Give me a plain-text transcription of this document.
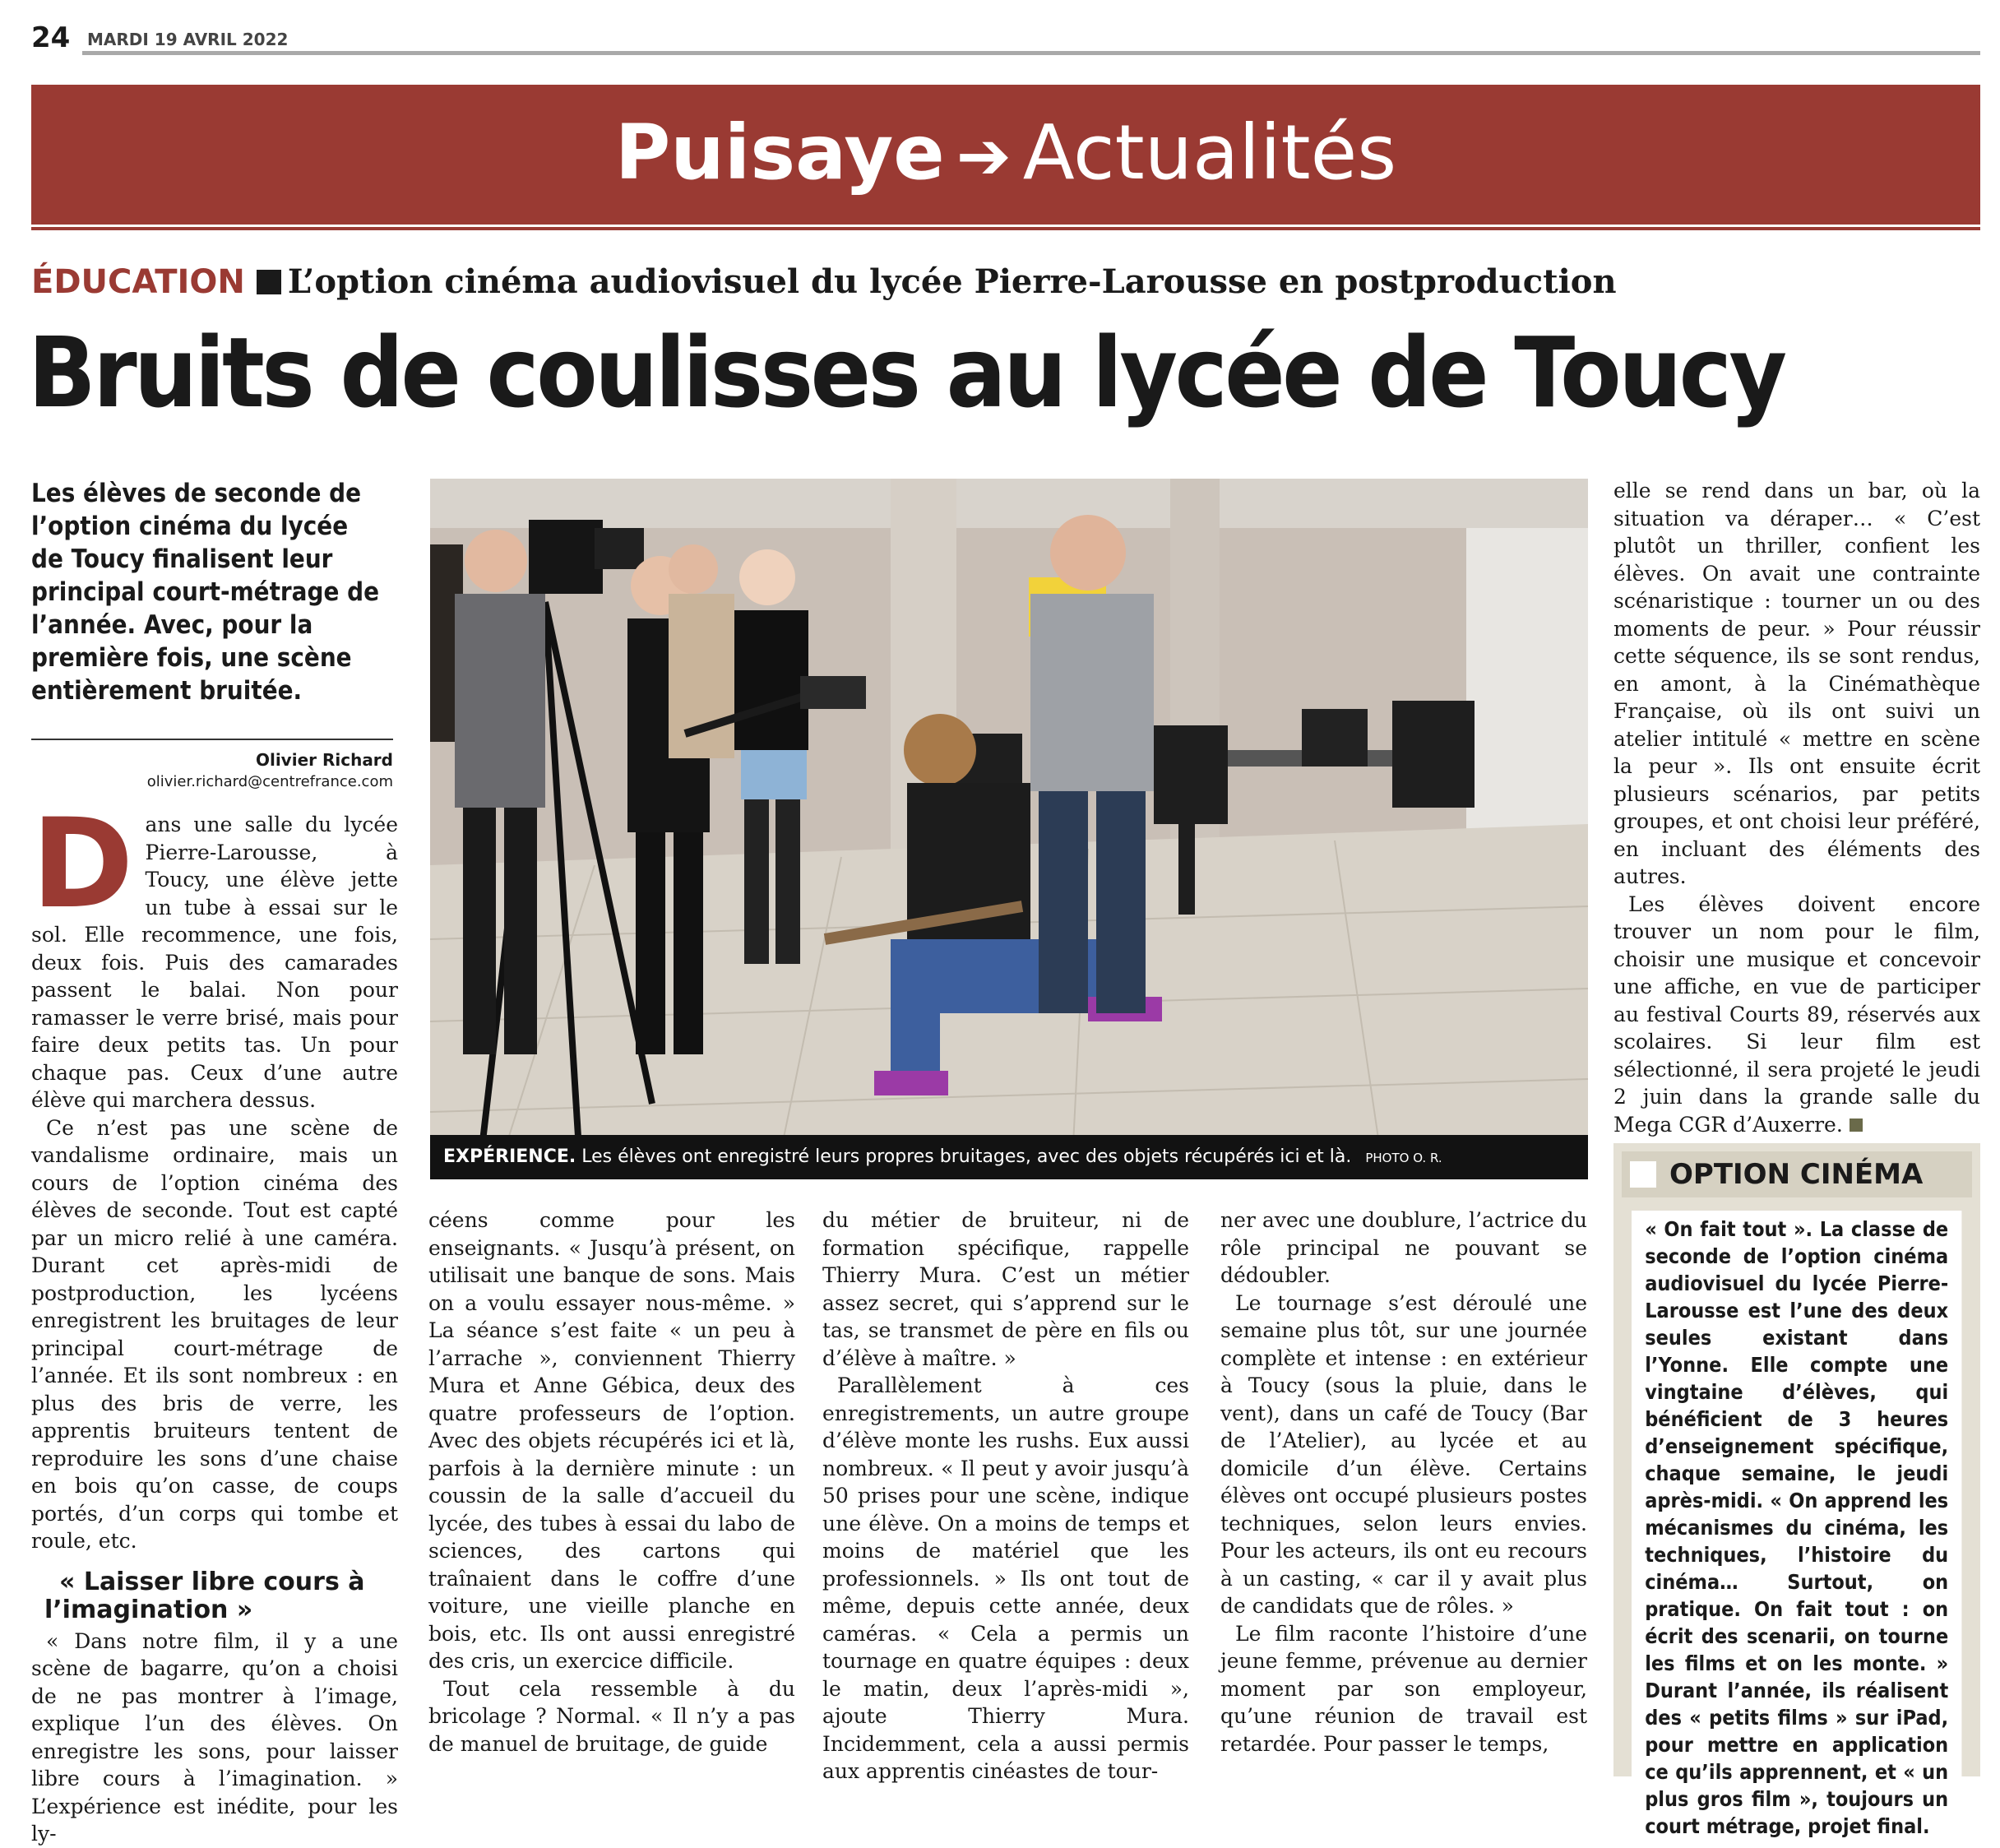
24 MARDI 19 AVRIL 2022
Puisaye ➔ Actualités
ÉDUCATION L’option cinéma audiovisuel du lycée Pierre-Larousse en postproduction
Bruits de coulisses au lycée de Toucy
Les élèves de seconde de l’option cinéma du lycée de Toucy finalisent leur principal court-métrage de l’année. Avec, pour la première fois, une scène entièrement bruitée.
Olivier Richard
olivier.richard@centrefrance.com
EXPÉRIENCE. Les élèves ont enregistré leurs propres bruitages, avec des objets récupérés ici et là. PHOTO O. R.

Dans une salle du lycée Pierre-Larousse, à Toucy, une élève jette un tube à essai sur le sol. Elle recommence, une fois, deux fois. Puis des camarades passent le balai. Non pour ramasser le verre brisé, mais pour faire deux petits tas. Un pour chaque pas. Ceux d’une autre élève qui marchera dessus.

Ce n’est pas une scène de vandalisme ordinaire, mais un cours de l’option cinéma des élèves de seconde. Tout est capté par un micro relié à une caméra. Durant cet après-midi de postproduction, les lycéens enregistrent les bruitages de leur principal court-métrage de l’année. Et ils sont nombreux : en plus des bris de verre, les apprentis bruiteurs tentent de reproduire les sons d’une chaise en bois qu’on casse, de coups portés, d’un corps qui tombe et roule, etc.

« Laisser libre cours à l’imagination »

« Dans notre film, il y a une scène de bagarre, qu’on a choisi de ne pas montrer à l’image, explique l’un des élèves. On enregistre les sons, pour laisser libre cours à l’imagination. » L’expérience est inédite, pour les ly-

céens comme pour les enseignants. « Jusqu’à présent, on utilisait une banque de sons. Mais on a voulu essayer nous-même. » La séance s’est faite « un peu à l’arrache », conviennent Thierry Mura et Anne Gébica, deux des quatre professeurs de l’option. Avec des objets récupérés ici et là, parfois à la dernière minute : un coussin de la salle d’accueil du lycée, des tubes à essai du labo de sciences, des cartons qui traînaient dans le coffre d’une voiture, une vieille planche en bois, etc. Ils ont aussi enregistré des cris, un exercice difficile.

Tout cela ressemble à du bricolage ? Normal. « Il n’y a pas de manuel de bruitage, de guide

du métier de bruiteur, ni de formation spécifique, rappelle Thierry Mura. C’est un métier assez secret, qui s’apprend sur le tas, se transmet de père en fils ou d’élève à maître. »

Parallèlement à ces enregistrements, un autre groupe d’élève monte les rushs. Eux aussi nombreux. « Il peut y avoir jusqu’à 50 prises pour une scène, indique une élève. On a moins de temps et moins de matériel que les professionnels. » Ils ont tout de même, depuis cette année, deux caméras. « Cela a permis un tournage en quatre équipes : deux le matin, deux l’après-midi », ajoute Thierry Mura. Incidemment, cela a aussi permis aux apprentis cinéastes de tour-

ner avec une doublure, l’actrice du rôle principal ne pouvant se dédoubler.

Le tournage s’est déroulé une semaine plus tôt, sur une journée complète et intense : en extérieur à Toucy (sous la pluie, dans le vent), dans un café de Toucy (Bar de l’Atelier), au lycée et au domicile d’un élève. Certains élèves ont occupé plusieurs postes techniques, selon leurs envies. Pour les acteurs, ils ont eu recours à un casting, « car il y avait plus de candidats que de rôles. »

Le film raconte l’histoire d’une jeune femme, prévenue au dernier moment par son employeur, qu’une réunion de travail est retardée. Pour passer le temps,

elle se rend dans un bar, où la situation va déraper… « C’est plutôt un thriller, confient les élèves. On avait une contrainte scénaristique : tourner un ou des moments de peur. » Pour réussir cette séquence, ils se sont rendus, en amont, à la Cinémathèque Française, où ils ont suivi un atelier intitulé « mettre en scène la peur ». Ils ont ensuite écrit plusieurs scénarios, par petits groupes, et ont choisi leur préféré, en incluant des éléments des autres.

Les élèves doivent encore trouver un nom pour le film, choisir une musique et concevoir une affiche, en vue de participer au festival Courts 89, réservés aux scolaires. Si leur film est sélectionné, il sera projeté le jeudi 2 juin dans la grande salle du Mega CGR d’Auxerre.

OPTION CINÉMA
« On fait tout ». La classe de seconde de l’option cinéma audiovisuel du lycée Pierre-Larousse est l’une des deux seules existant dans l’Yonne. Elle compte une vingtaine d’élèves, qui bénéficient de 3 heures d’enseignement spécifique, chaque semaine, le jeudi après-midi. « On apprend les mécanismes du cinéma, les techniques, l’histoire du cinéma… Surtout, on pratique. On fait tout : on écrit des scenarii, on tourne les films et on les monte. » Durant l’année, ils réalisent des « petits films » sur iPad, pour mettre en application ce qu’ils apprennent, et « un plus gros film », toujours un court métrage, projet final.
